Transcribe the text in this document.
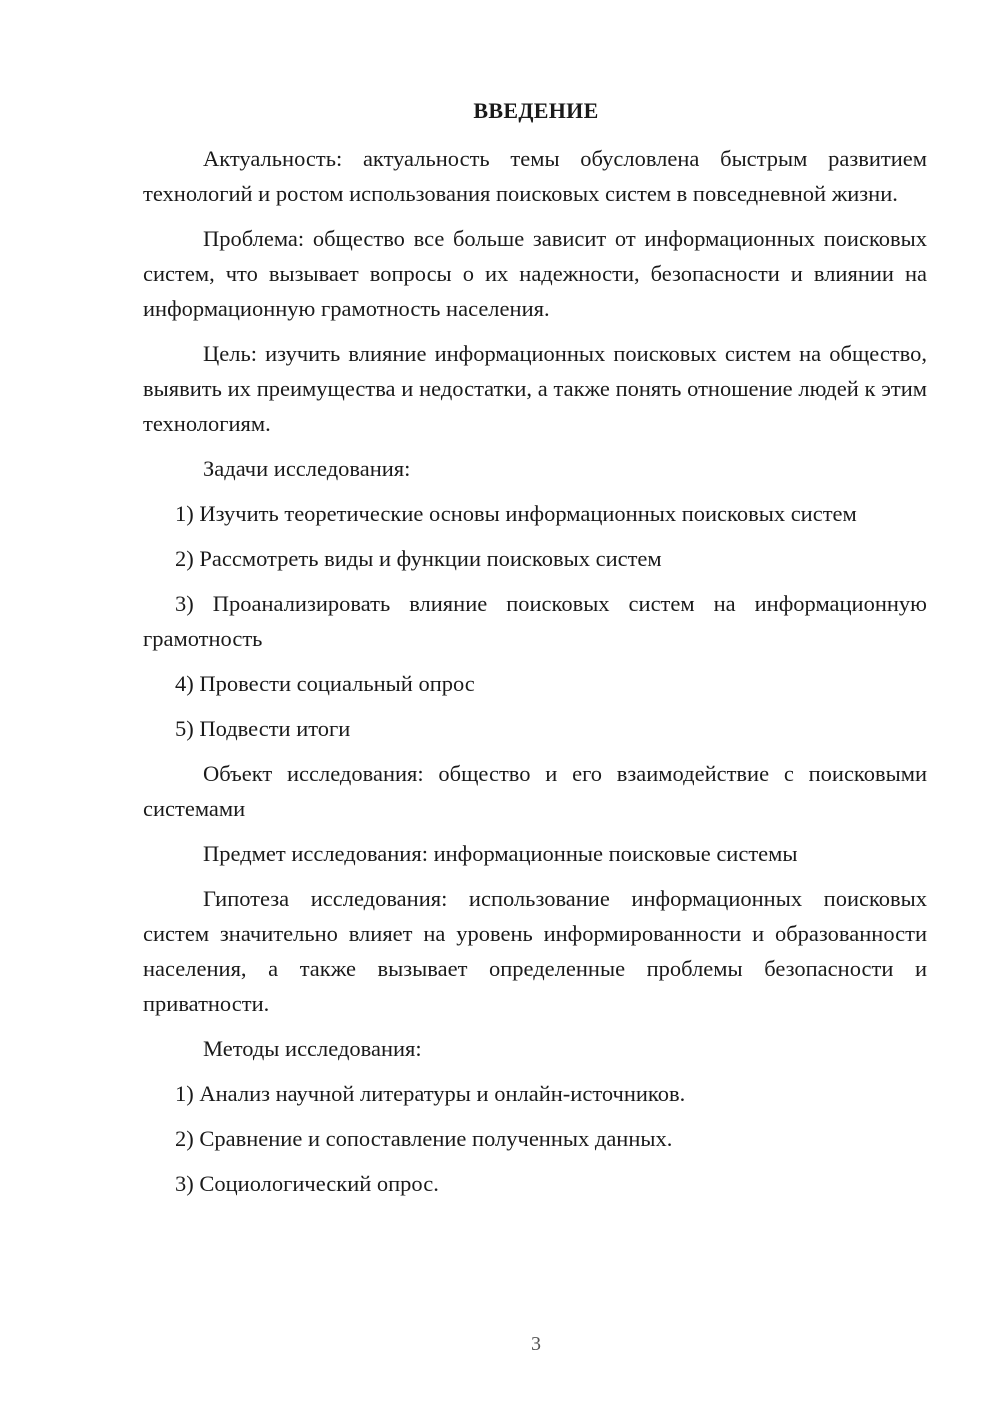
ВВЕДЕНИЕ

Актуальность: актуальность темы обусловлена быстрым развитием технологий и ростом использования поисковых систем в повседневной жизни.

Проблема: общество все больше зависит от информационных поисковых систем, что вызывает вопросы о их надежности, безопасности и влиянии на информационную грамотность населения.

Цель: изучить влияние информационных поисковых систем на общество, выявить их преимущества и недостатки, а также понять отношение людей к этим технологиям.

Задачи исследования:

1) Изучить теоретические основы информационных поисковых систем

2) Рассмотреть виды и функции поисковых систем

3) Проанализировать влияние поисковых систем на информационную грамотность

4) Провести социальный опрос

5) Подвести итоги

Объект исследования: общество и его взаимодействие с поисковыми системами

Предмет исследования: информационные поисковые системы

Гипотеза исследования: использование информационных поисковых систем значительно влияет на уровень информированности и образованности населения, а также вызывает определенные проблемы безопасности и приватности.

Методы исследования:

1) Анализ научной литературы и онлайн-источников.

2) Сравнение и сопоставление полученных данных.

3) Социологический опрос.

3
